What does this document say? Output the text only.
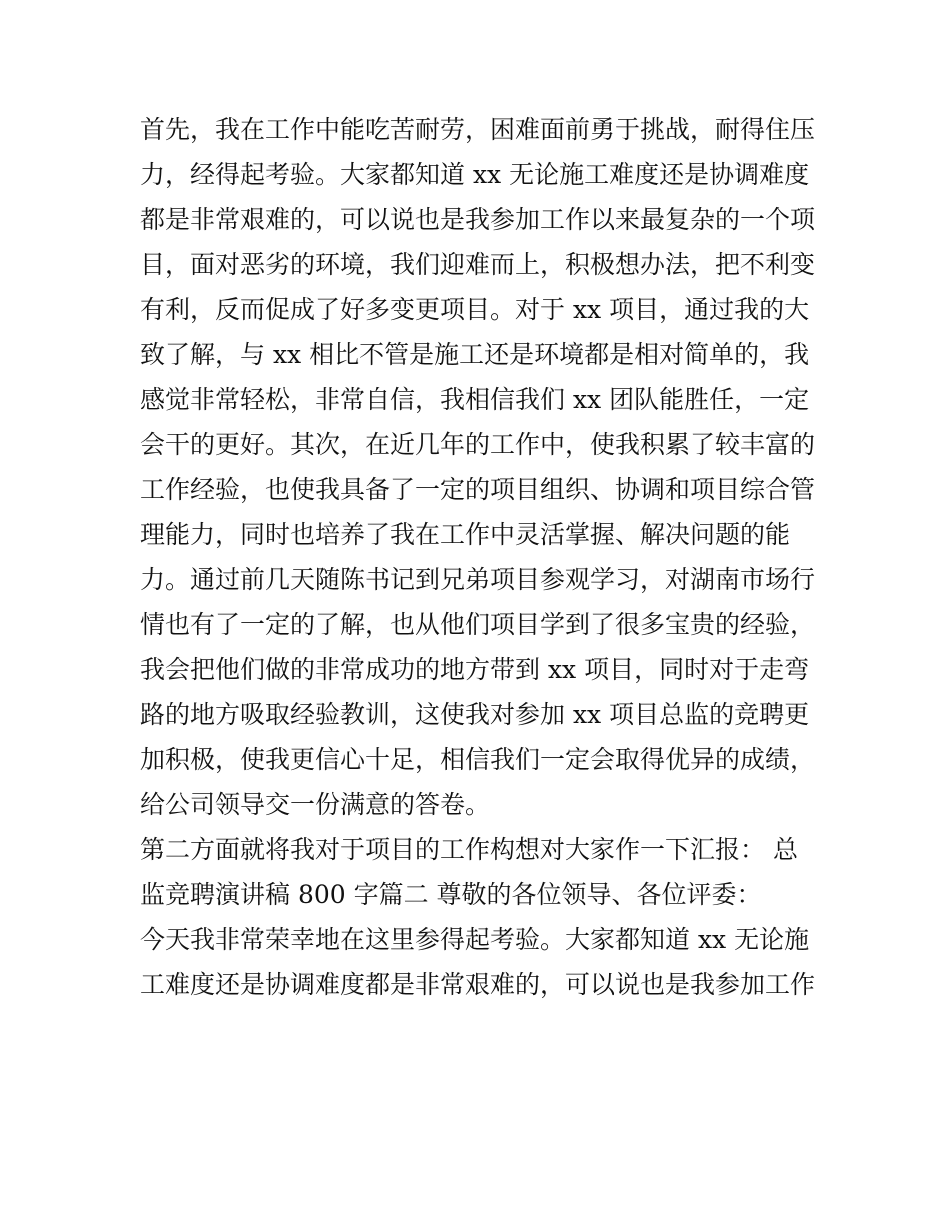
首先，我在工作中能吃苦耐劳，困难面前勇于挑战，耐得住压

力，经得起考验。大家都知道 xx 无论施工难度还是协调难度

都是非常艰难的，可以说也是我参加工作以来最复杂的一个项

目，面对恶劣的环境，我们迎难而上，积极想办法，把不利变

有利，反而促成了好多变更项目。对于 xx 项目，通过我的大

致了解，与 xx 相比不管是施工还是环境都是相对简单的，我

感觉非常轻松，非常自信，我相信我们 xx 团队能胜任，一定

会干的更好。其次，在近几年的工作中，使我积累了较丰富的

工作经验，也使我具备了一定的项目组织、协调和项目综合管

理能力，同时也培养了我在工作中灵活掌握、解决问题的能

力。通过前几天随陈书记到兄弟项目参观学习，对湖南市场行

情也有了一定的了解，也从他们项目学到了很多宝贵的经验，

我会把他们做的非常成功的地方带到 xx 项目，同时对于走弯

路的地方吸取经验教训，这使我对参加 xx 项目总监的竞聘更

加积极，使我更信心十足，相信我们一定会取得优异的成绩，

给公司领导交一份满意的答卷。

第二方面就将我对于项目的工作构想对大家作一下汇报： 总

监竞聘演讲稿 800 字篇二 尊敬的各位领导、各位评委：

今天我非常荣幸地在这里参得起考验。大家都知道 xx 无论施

工难度还是协调难度都是非常艰难的，可以说也是我参加工作
